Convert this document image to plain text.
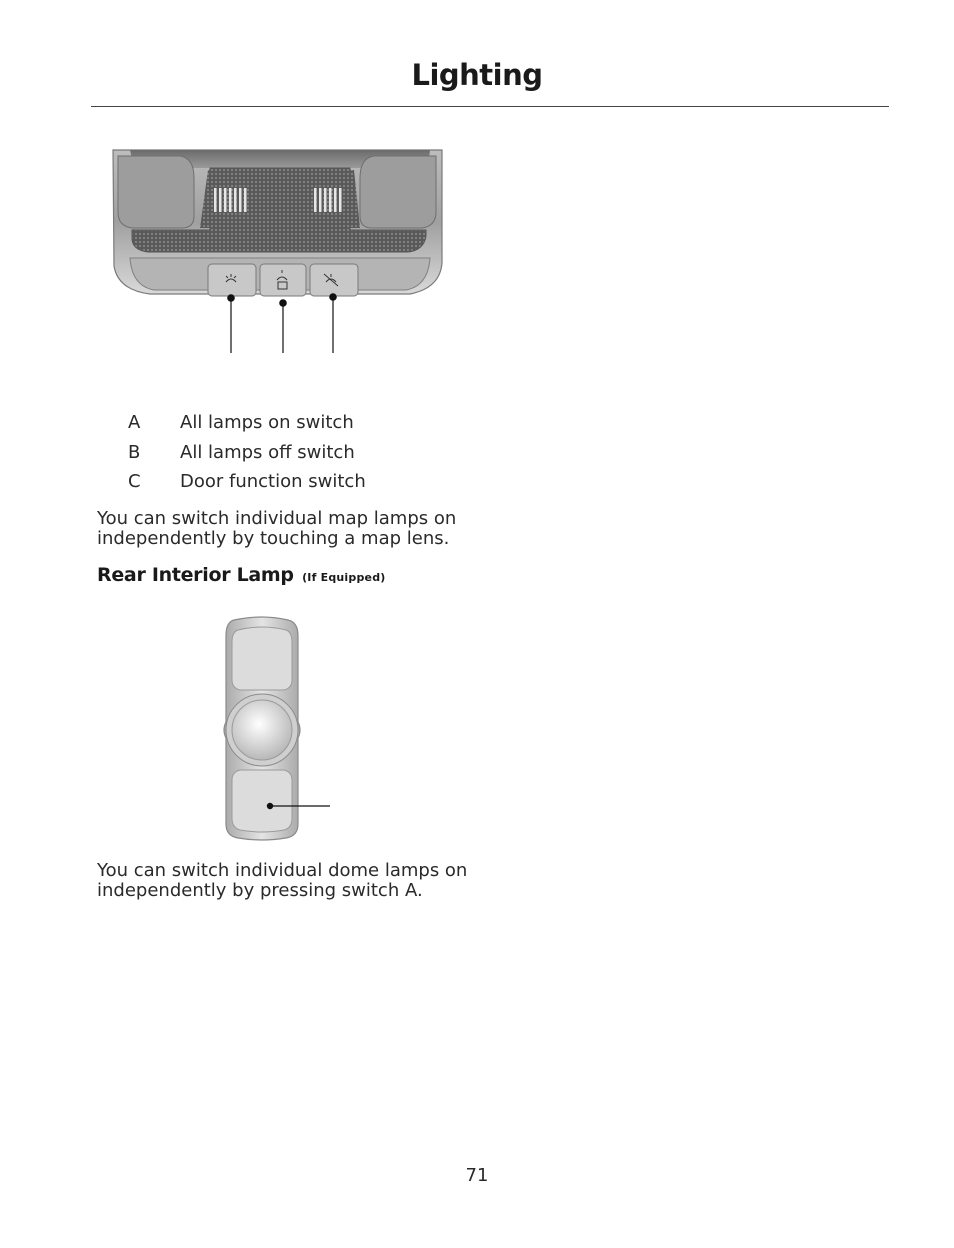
Lighting
A	All lamps on switch
B	All lamps off switch
C	Door function switch
You can switch individual map lamps on independently by touching a map lens.
Rear Interior Lamp (If Equipped)
You can switch individual dome lamps on independently by pressing switch A.
71
